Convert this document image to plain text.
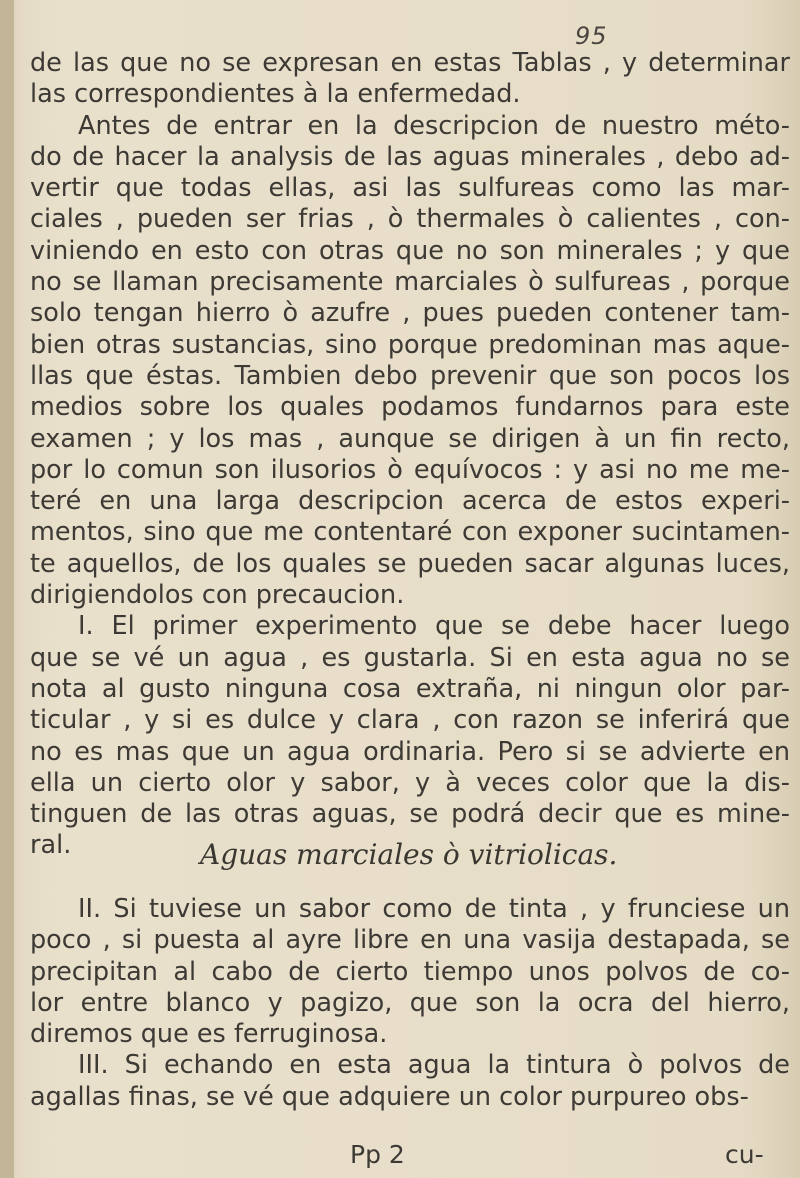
95
de las que no se expresan en estas Tablas , y determinar
las correspondientes à la enfermedad.
Antes de entrar en la descripcion de nuestro méto-
do de hacer la analysis de las aguas minerales , debo ad-
vertir que todas ellas, asi las sulfureas como las mar-
ciales , pueden ser frias , ò thermales ò calientes , con-
viniendo en esto con otras que no son minerales ; y que
no se llaman precisamente marciales ò sulfureas , porque
solo tengan hierro ò azufre , pues pueden contener tam-
bien otras sustancias, sino porque predominan mas aque-
llas que éstas. Tambien debo prevenir que son pocos los
medios sobre los quales podamos fundarnos para este
examen ; y los mas , aunque se dirigen à un fin recto,
por lo comun son ilusorios ò equívocos : y asi no me me-
teré en una larga descripcion acerca de estos experi-
mentos, sino que me contentaré con exponer sucintamen-
te aquellos, de los quales se pueden sacar algunas luces,
dirigiendolos con precaucion.
I. El primer experimento que se debe hacer luego
que se vé un agua , es gustarla. Si en esta agua no se
nota al gusto ninguna cosa extraña, ni ningun olor par-
ticular , y si es dulce y clara , con razon se inferirá que
no es mas que un agua ordinaria. Pero si se advierte en
ella un cierto olor y sabor, y à veces color que la dis-
tinguen de las otras aguas, se podrá decir que es mine-
ral.	Aguas marciales ò vitriolicas.
II. Si tuviese un sabor como de tinta , y frunciese un
poco , si puesta al ayre libre en una vasija destapada, se
precipitan al cabo de cierto tiempo unos polvos de co-
lor entre blanco y pagizo, que son la ocra del hierro,
diremos que es ferruginosa.
III. Si echando en esta agua la tintura ò polvos de
agallas finas, se vé que adquiere un color purpureo obs-
Pp 2	cu-
